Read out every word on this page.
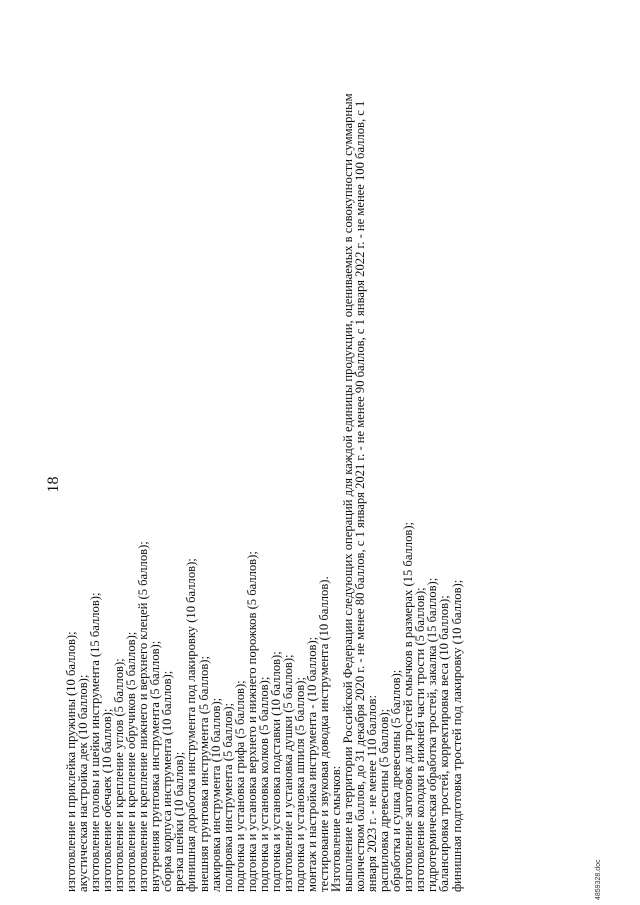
18
изготовление и приклейка пружины (10 баллов);
акустическая настройка дек (10 баллов);
изготовление головы и шейки инструмента (15 баллов);
изготовление обечаек (10 баллов);
изготовление и крепление углов (5 баллов);
изготовление и крепление обручиков (5 баллов);
изготовление и крепление нижнего и верхнего клецей (5 баллов);
внутренняя грунтовка инструмента (5 баллов);
сборка корпуса инструмента (10 баллов);
врезка шейки (10 баллов);
финишная доработка инструмента под лакировку (10 баллов);
внешняя грунтовка инструмента (5 баллов);
лакировка инструмента (10 баллов);
полировка инструмента (5 баллов);
подгонка и установка грифа (5 баллов);
подгонка и установка верхнего и нижнего порожков (5 баллов);
подгонка и установка колков (5 баллов);
подгонка и установка подставки (10 баллов);
изготовление и установка душки (5 баллов);
подгонка и установка шпиля (5 баллов);
монтаж и настройка инструмента - (10 баллов);
тестирование и звуковая доводка инструмента (10 баллов).
Изготовление смычков:
выполнение на территории Российской Федерации следующих операций для каждой единицы продукции, оцениваемых в совокупности суммарным количеством баллов, до 31 декабря 2020 г. - не менее 80 баллов, с 1 января 2021 г. - не менее 90 баллов, с 1 января 2022 г. - не менее 100 баллов, с 1 января 2023 г. - не менее 110 баллов:
распиловка древесины (5 баллов);
обработка и сушка древесины (5 баллов);
изготовление заготовок для тростей смычков в размерах (15 баллов);
изготовление колодки в нижней части трости (5 баллов);
гидротермическая обработка тростей, закалка (15 баллов);
балансировка тростей, корректировка веса (10 баллов);
финишная подготовка тростей под лакировку (10 баллов);	4859328.doc
